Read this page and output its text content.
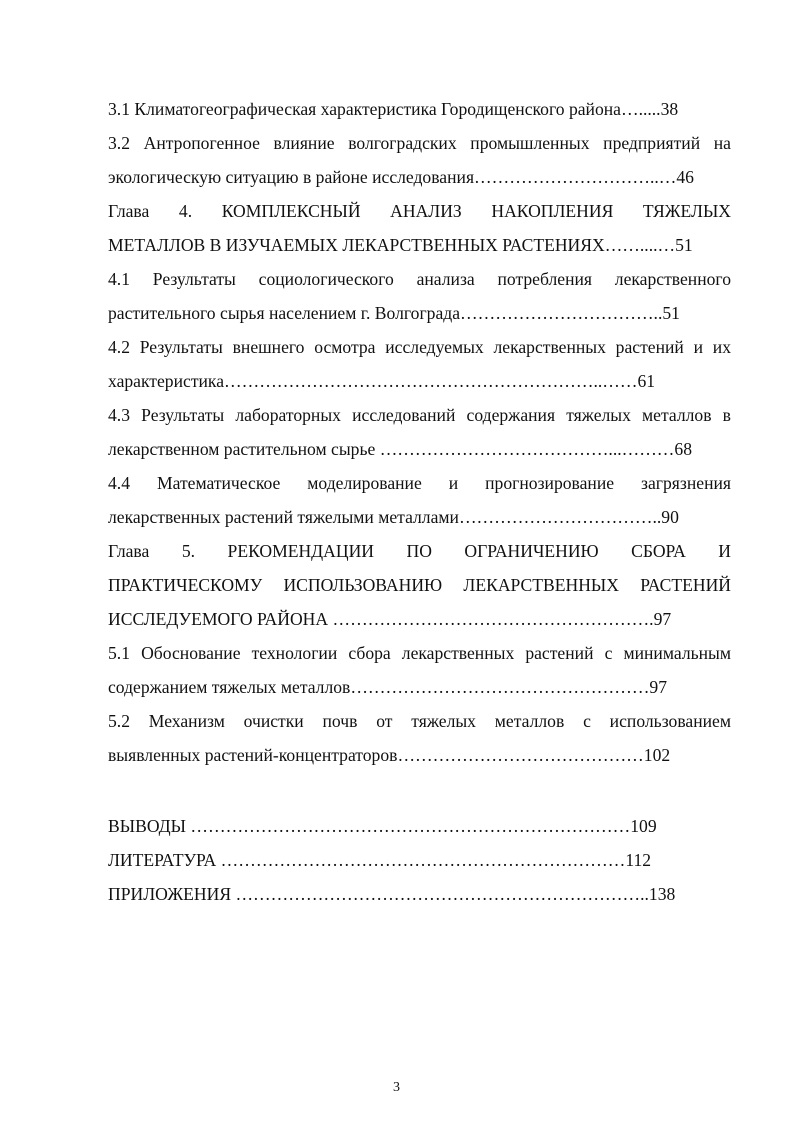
3.1 Климатогеографическая характеристика Городищенского района….....38
3.2 Антропогенное влияние волгоградских промышленных предприятий на
экологическую ситуацию в районе исследования…………………………..…46
Глава 4. КОМПЛЕКСНЫЙ АНАЛИЗ НАКОПЛЕНИЯ ТЯЖЕЛЫХ
МЕТАЛЛОВ В ИЗУЧАЕМЫХ ЛЕКАРСТВЕННЫХ РАСТЕНИЯХ……....…51
4.1 Результаты социологического анализа потребления лекарственного
растительного сырья населением г. Волгограда……………………………..51
4.2 Результаты внешнего осмотра исследуемых лекарственных растений и их
характеристика………………………………………………………..……61
4.3 Результаты лабораторных исследований содержания тяжелых металлов в
лекарственном растительном сырье …………………………………...………68
4.4 Математическое моделирование и прогнозирование загрязнения
лекарственных растений тяжелыми металлами……………………………..90
Глава 5. РЕКОМЕНДАЦИИ ПО ОГРАНИЧЕНИЮ СБОРА И
ПРАКТИЧЕСКОМУ ИСПОЛЬЗОВАНИЮ ЛЕКАРСТВЕННЫХ РАСТЕНИЙ
ИССЛЕДУЕМОГО РАЙОНА ……………………………………………….97
5.1 Обоснование технологии сбора лекарственных растений с минимальным
содержанием тяжелых металлов……………………………………………97
5.2 Механизм очистки почв от тяжелых металлов с использованием
выявленных растений-концентраторов……………………………………102
ВЫВОДЫ …………………………………………………………………109
ЛИТЕРАТУРА ……………………………………………………………112
ПРИЛОЖЕНИЯ ……………………………………………………………..138
3
